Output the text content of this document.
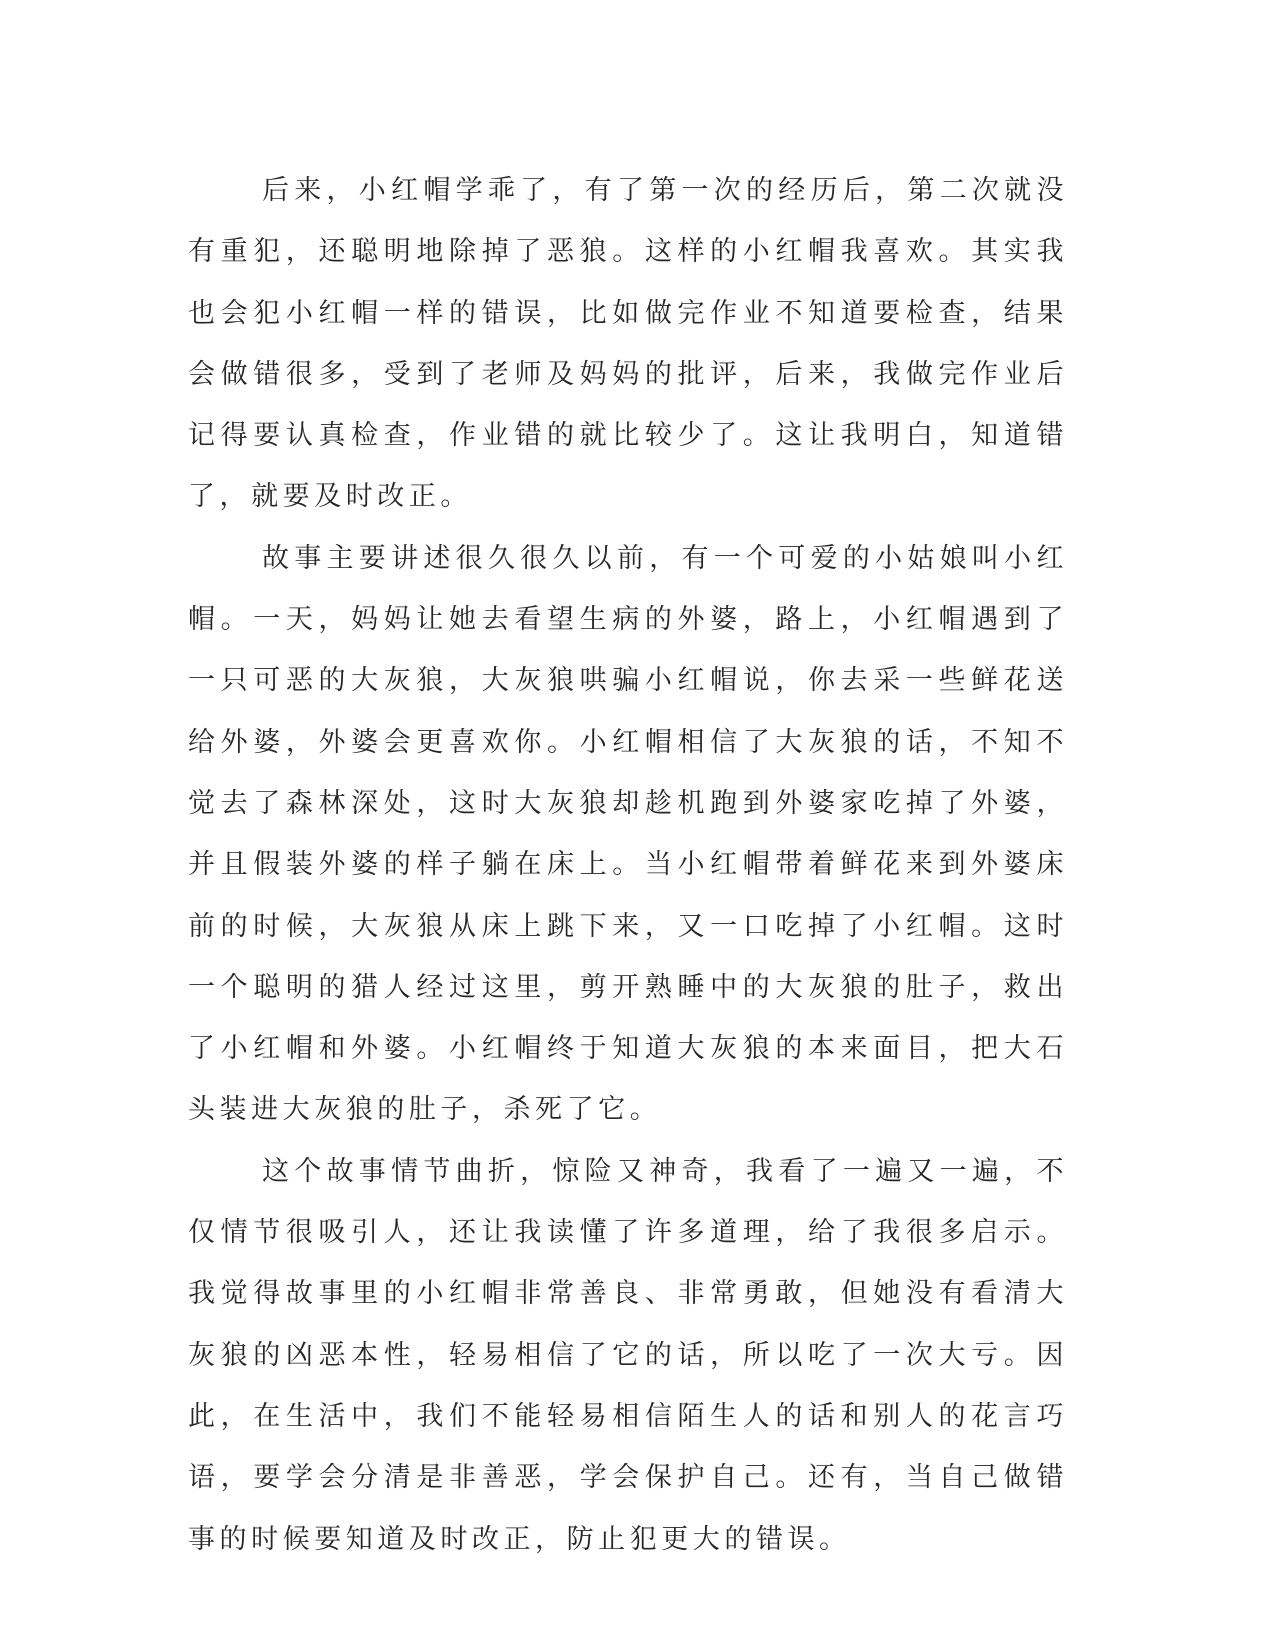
后来，小红帽学乖了，有了第一次的经历后，第二次就没有重犯，还聪明地除掉了恶狼。这样的小红帽我喜欢。其实我也会犯小红帽一样的错误，比如做完作业不知道要检查，结果会做错很多，受到了老师及妈妈的批评，后来，我做完作业后记得要认真检查，作业错的就比较少了。这让我明白，知道错了，就要及时改正。

故事主要讲述很久很久以前，有一个可爱的小姑娘叫小红帽。一天，妈妈让她去看望生病的外婆，路上，小红帽遇到了一只可恶的大灰狼，大灰狼哄骗小红帽说，你去采一些鲜花送给外婆，外婆会更喜欢你。小红帽相信了大灰狼的话，不知不觉去了森林深处，这时大灰狼却趁机跑到外婆家吃掉了外婆，并且假装外婆的样子躺在床上。当小红帽带着鲜花来到外婆床前的时候，大灰狼从床上跳下来，又一口吃掉了小红帽。这时一个聪明的猎人经过这里，剪开熟睡中的大灰狼的肚子，救出了小红帽和外婆。小红帽终于知道大灰狼的本来面目，把大石头装进大灰狼的肚子，杀死了它。

这个故事情节曲折，惊险又神奇，我看了一遍又一遍，不仅情节很吸引人，还让我读懂了许多道理，给了我很多启示。我觉得故事里的小红帽非常善良、非常勇敢，但她没有看清大灰狼的凶恶本性，轻易相信了它的话，所以吃了一次大亏。因此，在生活中，我们不能轻易相信陌生人的话和别人的花言巧语，要学会分清是非善恶，学会保护自己。还有，当自己做错事的时候要知道及时改正，防止犯更大的错误。
